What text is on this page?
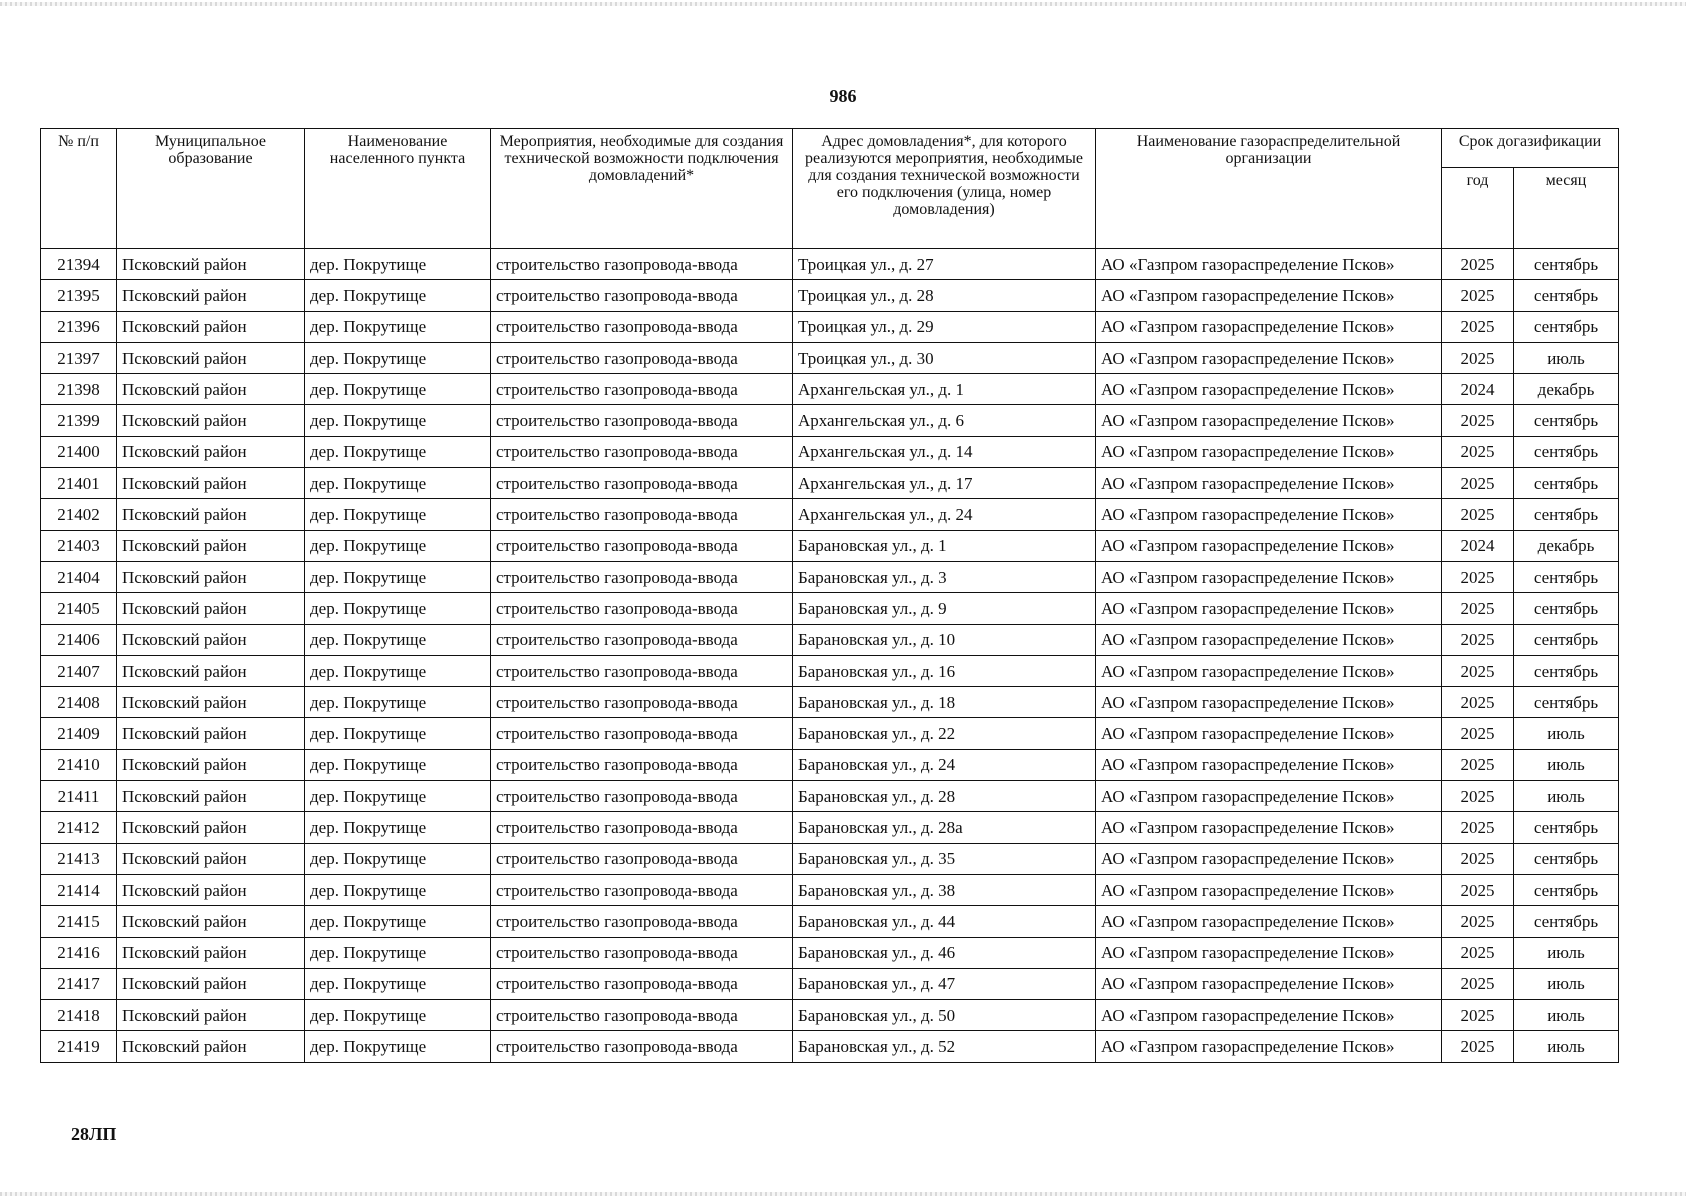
986
№ п/п	Муниципальное образование	Наименование населенного пункта	Мероприятия, необходимые для создания технической возможности подключения домовладений*	Адрес домовладения*, для которого реализуются мероприятия, необходимые для создания технической возможности его подключения (улица, номер домовладения)	Наименование газораспределительной организации	Срок догазификации	
						год	месяц
21394	Псковский район	дер. Покрутище	строительство газопровода-ввода	Троицкая ул., д. 27	АО «Газпром газораспределение Псков»	2025	сентябрь
21395	Псковский район	дер. Покрутище	строительство газопровода-ввода	Троицкая ул., д. 28	АО «Газпром газораспределение Псков»	2025	сентябрь
21396	Псковский район	дер. Покрутище	строительство газопровода-ввода	Троицкая ул., д. 29	АО «Газпром газораспределение Псков»	2025	сентябрь
21397	Псковский район	дер. Покрутище	строительство газопровода-ввода	Троицкая ул., д. 30	АО «Газпром газораспределение Псков»	2025	июль
21398	Псковский район	дер. Покрутище	строительство газопровода-ввода	Архангельская ул., д. 1	АО «Газпром газораспределение Псков»	2024	декабрь
21399	Псковский район	дер. Покрутище	строительство газопровода-ввода	Архангельская ул., д. 6	АО «Газпром газораспределение Псков»	2025	сентябрь
21400	Псковский район	дер. Покрутище	строительство газопровода-ввода	Архангельская ул., д. 14	АО «Газпром газораспределение Псков»	2025	сентябрь
21401	Псковский район	дер. Покрутище	строительство газопровода-ввода	Архангельская ул., д. 17	АО «Газпром газораспределение Псков»	2025	сентябрь
21402	Псковский район	дер. Покрутище	строительство газопровода-ввода	Архангельская ул., д. 24	АО «Газпром газораспределение Псков»	2025	сентябрь
21403	Псковский район	дер. Покрутище	строительство газопровода-ввода	Барановская ул., д. 1	АО «Газпром газораспределение Псков»	2024	декабрь
21404	Псковский район	дер. Покрутище	строительство газопровода-ввода	Барановская ул., д. 3	АО «Газпром газораспределение Псков»	2025	сентябрь
21405	Псковский район	дер. Покрутище	строительство газопровода-ввода	Барановская ул., д. 9	АО «Газпром газораспределение Псков»	2025	сентябрь
21406	Псковский район	дер. Покрутище	строительство газопровода-ввода	Барановская ул., д. 10	АО «Газпром газораспределение Псков»	2025	сентябрь
21407	Псковский район	дер. Покрутище	строительство газопровода-ввода	Барановская ул., д. 16	АО «Газпром газораспределение Псков»	2025	сентябрь
21408	Псковский район	дер. Покрутище	строительство газопровода-ввода	Барановская ул., д. 18	АО «Газпром газораспределение Псков»	2025	сентябрь
21409	Псковский район	дер. Покрутище	строительство газопровода-ввода	Барановская ул., д. 22	АО «Газпром газораспределение Псков»	2025	июль
21410	Псковский район	дер. Покрутище	строительство газопровода-ввода	Барановская ул., д. 24	АО «Газпром газораспределение Псков»	2025	июль
21411	Псковский район	дер. Покрутище	строительство газопровода-ввода	Барановская ул., д. 28	АО «Газпром газораспределение Псков»	2025	июль
21412	Псковский район	дер. Покрутище	строительство газопровода-ввода	Барановская ул., д. 28а	АО «Газпром газораспределение Псков»	2025	сентябрь
21413	Псковский район	дер. Покрутище	строительство газопровода-ввода	Барановская ул., д. 35	АО «Газпром газораспределение Псков»	2025	сентябрь
21414	Псковский район	дер. Покрутище	строительство газопровода-ввода	Барановская ул., д. 38	АО «Газпром газораспределение Псков»	2025	сентябрь
21415	Псковский район	дер. Покрутище	строительство газопровода-ввода	Барановская ул., д. 44	АО «Газпром газораспределение Псков»	2025	сентябрь
21416	Псковский район	дер. Покрутище	строительство газопровода-ввода	Барановская ул., д. 46	АО «Газпром газораспределение Псков»	2025	июль
21417	Псковский район	дер. Покрутище	строительство газопровода-ввода	Барановская ул., д. 47	АО «Газпром газораспределение Псков»	2025	июль
21418	Псковский район	дер. Покрутище	строительство газопровода-ввода	Барановская ул., д. 50	АО «Газпром газораспределение Псков»	2025	июль
21419	Псковский район	дер. Покрутище	строительство газопровода-ввода	Барановская ул., д. 52	АО «Газпром газораспределение Псков»	2025	июль
28ЛП
